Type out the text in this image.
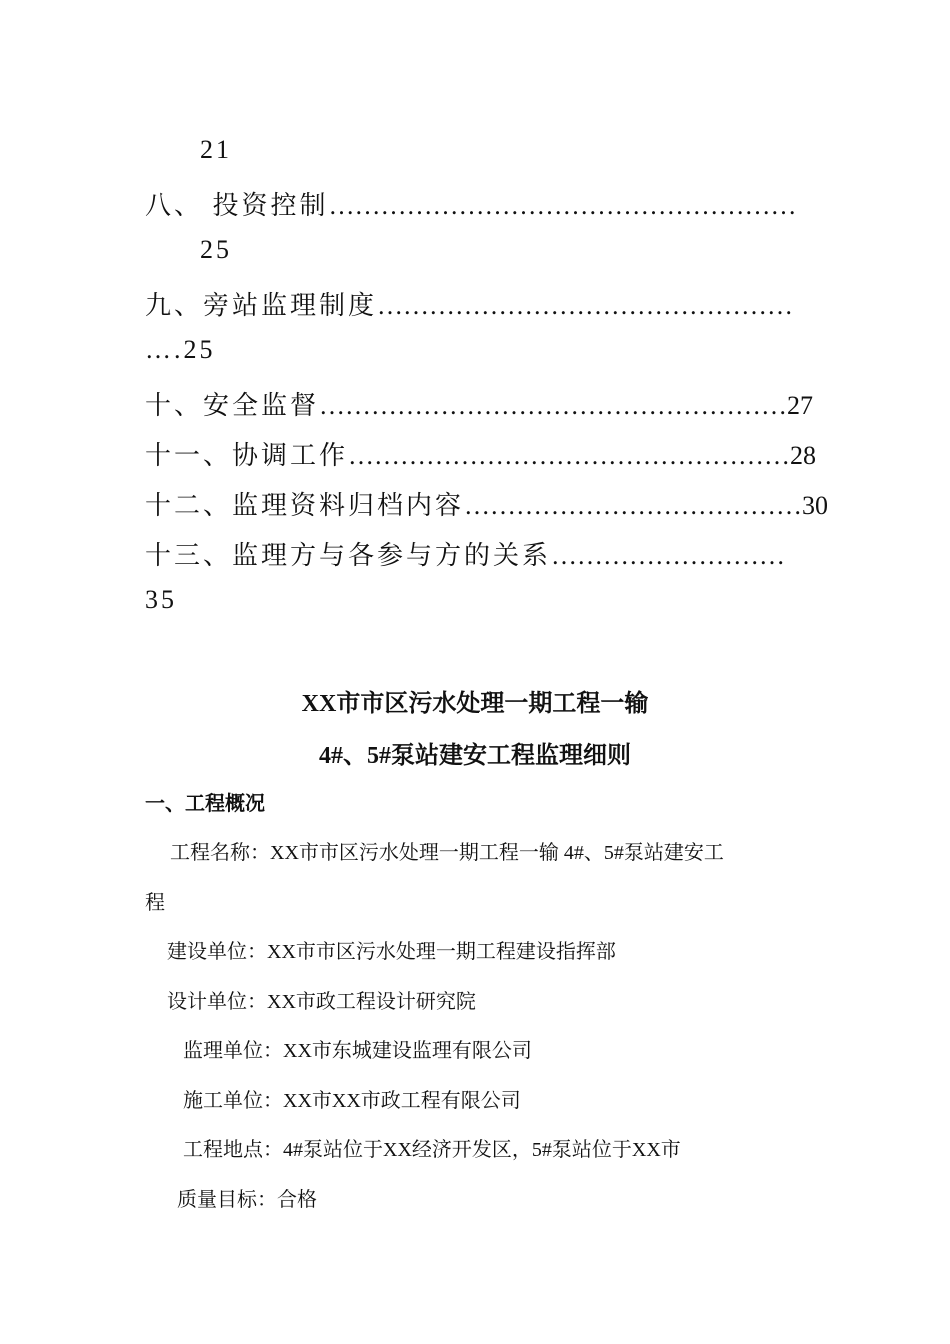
21
八、 投资控制………………………………………………
25
九、旁站监理制度…………………………………………
….25
十、安全监督………………………………………………27
十一、协调工作……………………………………………28
十二、监理资料归档内容…………………………………30
十三、监理方与各参与方的关系………………………
35
XX市市区污水处理一期工程一输
4#、5#泵站建安工程监理细则
一、工程概况
工程名称：XX市市区污水处理一期工程一输 4#、5#泵站建安工
程
建设单位：XX市市区污水处理一期工程建设指挥部
设计单位：XX市政工程设计研究院
监理单位：XX市东城建设监理有限公司
施工单位：XX市XX市政工程有限公司
工程地点：4#泵站位于XX经济开发区，5#泵站位于XX市
质量目标：合格
